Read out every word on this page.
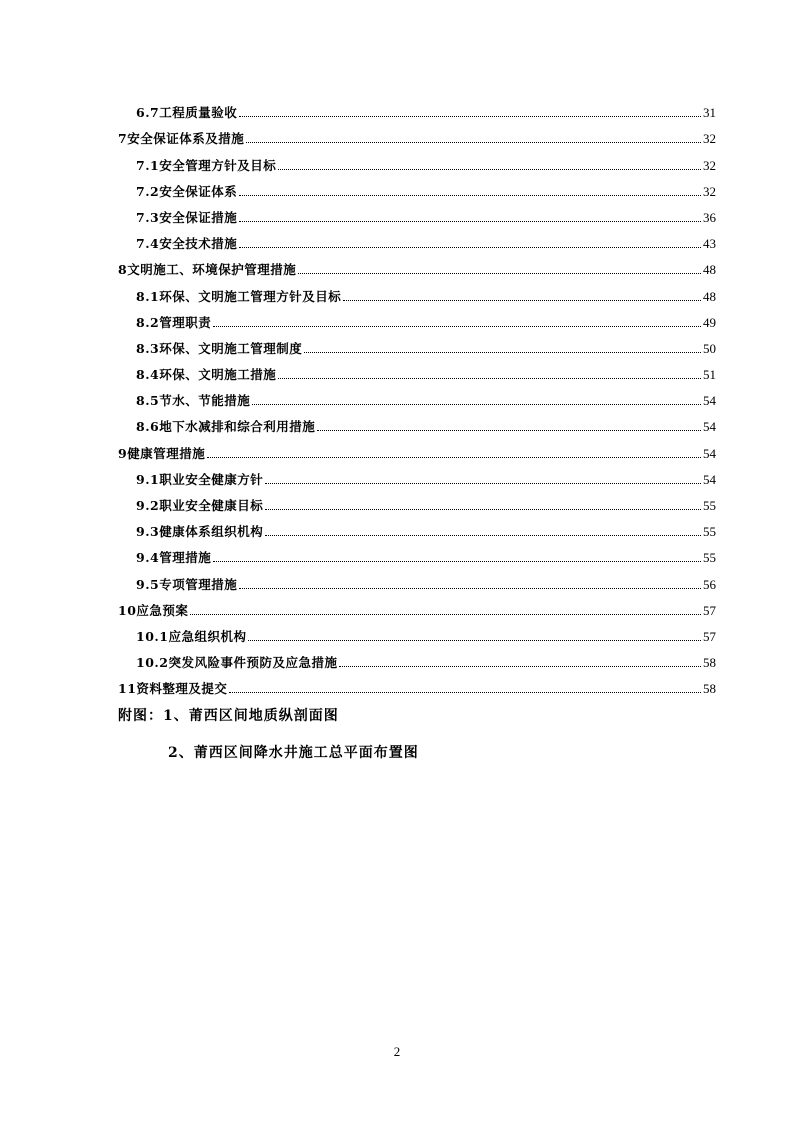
6.7工程质量验收	31
7安全保证体系及措施	32
7.1安全管理方针及目标	32
7.2安全保证体系	32
7.3安全保证措施	36
7.4安全技术措施	43
8文明施工、环境保护管理措施	48
8.1环保、文明施工管理方针及目标	48
8.2管理职责	49
8.3环保、文明施工管理制度	50
8.4环保、文明施工措施	51
8.5节水、节能措施	54
8.6地下水减排和综合利用措施	54
9健康管理措施	54
9.1职业安全健康方针	54
9.2职业安全健康目标	55
9.3健康体系组织机构	55
9.4管理措施	55
9.5专项管理措施	56
10应急预案	57
10.1应急组织机构	57
10.2突发风险事件预防及应急措施	58
11资料整理及提交	58
附图：1、莆西区间地质纵剖面图
2、莆西区间降水井施工总平面布置图
2
